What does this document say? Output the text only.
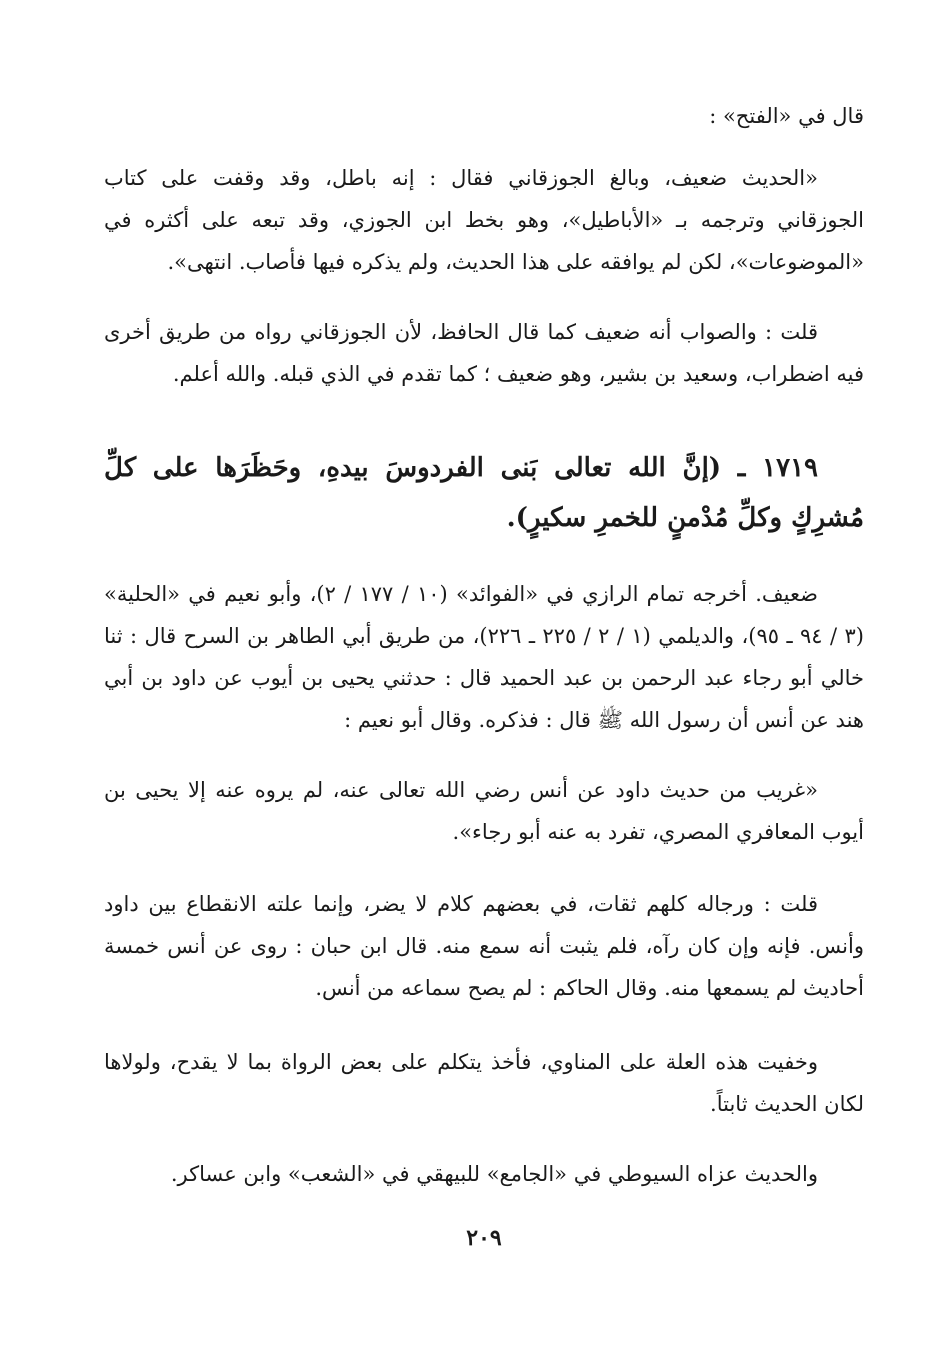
قال في «الفتح» :

«الحديث ضعيف، وبالغ الجوزقاني فقال : إنه باطل، وقد وقفت على كتاب الجوزقاني وترجمه بـ «الأباطيل»، وهو بخط ابن الجوزي، وقد تبعه على أكثره في «الموضوعات»، لكن لم يوافقه على هذا الحديث، ولم يذكره فيها فأصاب. انتهى».

قلت : والصواب أنه ضعيف كما قال الحافظ، لأن الجوزقاني رواه من طريق أخرى فيه اضطراب، وسعيد بن بشير، وهو ضعيف ؛ كما تقدم في الذي قبله. والله أعلم.

١٧١٩ ـ (إنَّ الله تعالى بَنى الفردوسَ بيدهِ، وحَظَرَها على كلِّ مُشرِكٍ وكلِّ مُدْمنٍ للخمرِ سكيرٍ).

ضعيف. أخرجه تمام الرازي في «الفوائد» (١٠ / ١٧٧ / ٢)، وأبو نعيم في «الحلية» (٣ / ٩٤ ـ ٩٥)، والديلمي (١ / ٢ / ٢٢٥ ـ ٢٢٦)، من طريق أبي الطاهر بن السرح قال : ثنا خالي أبو رجاء عبد الرحمن بن عبد الحميد قال : حدثني يحيى بن أيوب عن داود بن أبي هند عن أنس أن رسول الله ﷺ قال : فذكره. وقال أبو نعيم :

«غريب من حديث داود عن أنس رضي الله تعالى عنه، لم يروه عنه إلا يحيى بن أيوب المعافري المصري، تفرد به عنه أبو رجاء».

قلت : ورجاله كلهم ثقات، في بعضهم كلام لا يضر، وإنما علته الانقطاع بين داود وأنس. فإنه وإن كان رآه، فلم يثبت أنه سمع منه. قال ابن حبان : روى عن أنس خمسة أحاديث لم يسمعها منه. وقال الحاكم : لم يصح سماعه من أنس.

وخفيت هذه العلة على المناوي، فأخذ يتكلم على بعض الرواة بما لا يقدح، ولولاها لكان الحديث ثابتاً.

والحديث عزاه السيوطي في «الجامع» للبيهقي في «الشعب» وابن عساكر.

٢٠٩
